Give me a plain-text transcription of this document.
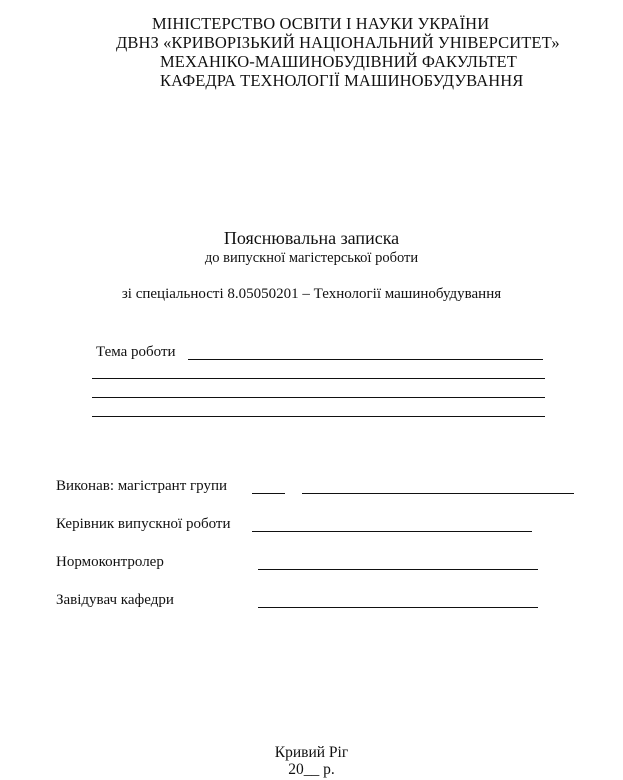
МІНІСТЕРСТВО ОСВІТИ І НАУКИ УКРАЇНИ
ДВНЗ «КРИВОРІЗЬКИЙ НАЦІОНАЛЬНИЙ УНІВЕРСИТЕТ»
МЕХАНІКО-МАШИНОБУДІВНИЙ ФАКУЛЬТЕТ
КАФЕДРА ТЕХНОЛОГІЇ МАШИНОБУДУВАННЯ
Пояснювальна записка
до випускної магістерської роботи
зі спеціальності 8.05050201 – Технології машинобудування
Тема роботи
Виконав: магістрант групи
Керівник випускної роботи
Нормоконтролер
Завідувач кафедри
Кривий Ріг
20__ р.
